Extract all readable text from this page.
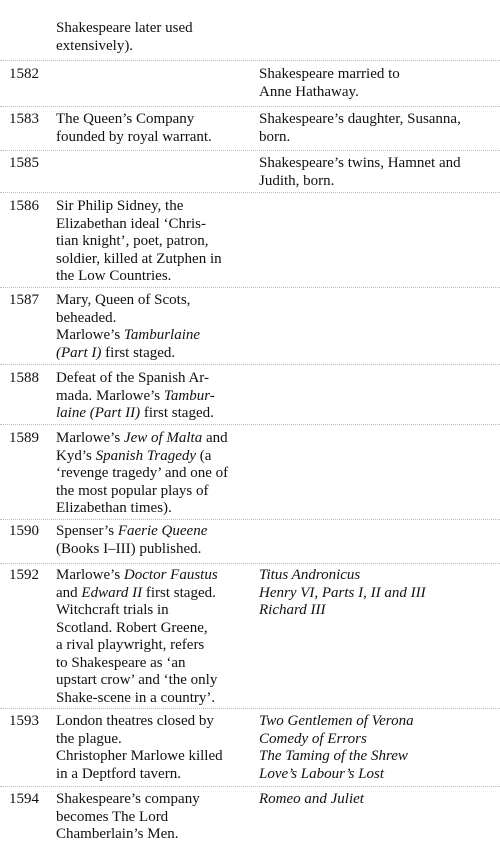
Shakespeare later used
extensively).
1582	Shakespeare married to
Anne Hathaway.
1583 The Queen’s Company
founded by royal warrant.
Shakespeare’s daughter, Susanna,
born.
1585	Shakespeare’s twins, Hamnet and
Judith, born.
1586 Sir Philip Sidney, the
Elizabethan ideal ‘Chris-
tian knight’, poet, patron,
soldier, killed at Zutphen in
the Low Countries.
1587 Mary, Queen of Scots,
beheaded.
Marlowe’s Tamburlaine
(Part I) first staged.
1588 Defeat of the Spanish Ar-
mada. Marlowe’s Tambur-
laine (Part II) first staged.
1589 Marlowe’s Jew of Malta and
Kyd’s Spanish Tragedy (a
‘revenge tragedy’ and one of
the most popular plays of
Elizabethan times).
1590 Spenser’s Faerie Queene
(Books I–III) published.
1592 Marlowe’s Doctor Faustus
and Edward II first staged.
Witchcraft trials in
Scotland. Robert Greene,
a rival playwright, refers
to Shakespeare as ‘an
upstart crow’ and ‘the only
Shake-scene in a country’.
Titus Andronicus
Henry VI, Parts I, II and III
Richard III
1593 London theatres closed by
the plague.
Christopher Marlowe killed
in a Deptford tavern.
Two Gentlemen of Verona
Comedy of Errors
The Taming of the Shrew
Love’s Labour’s Lost
1594 Shakespeare’s company
becomes The Lord
Chamberlain’s Men.
Romeo and Juliet
